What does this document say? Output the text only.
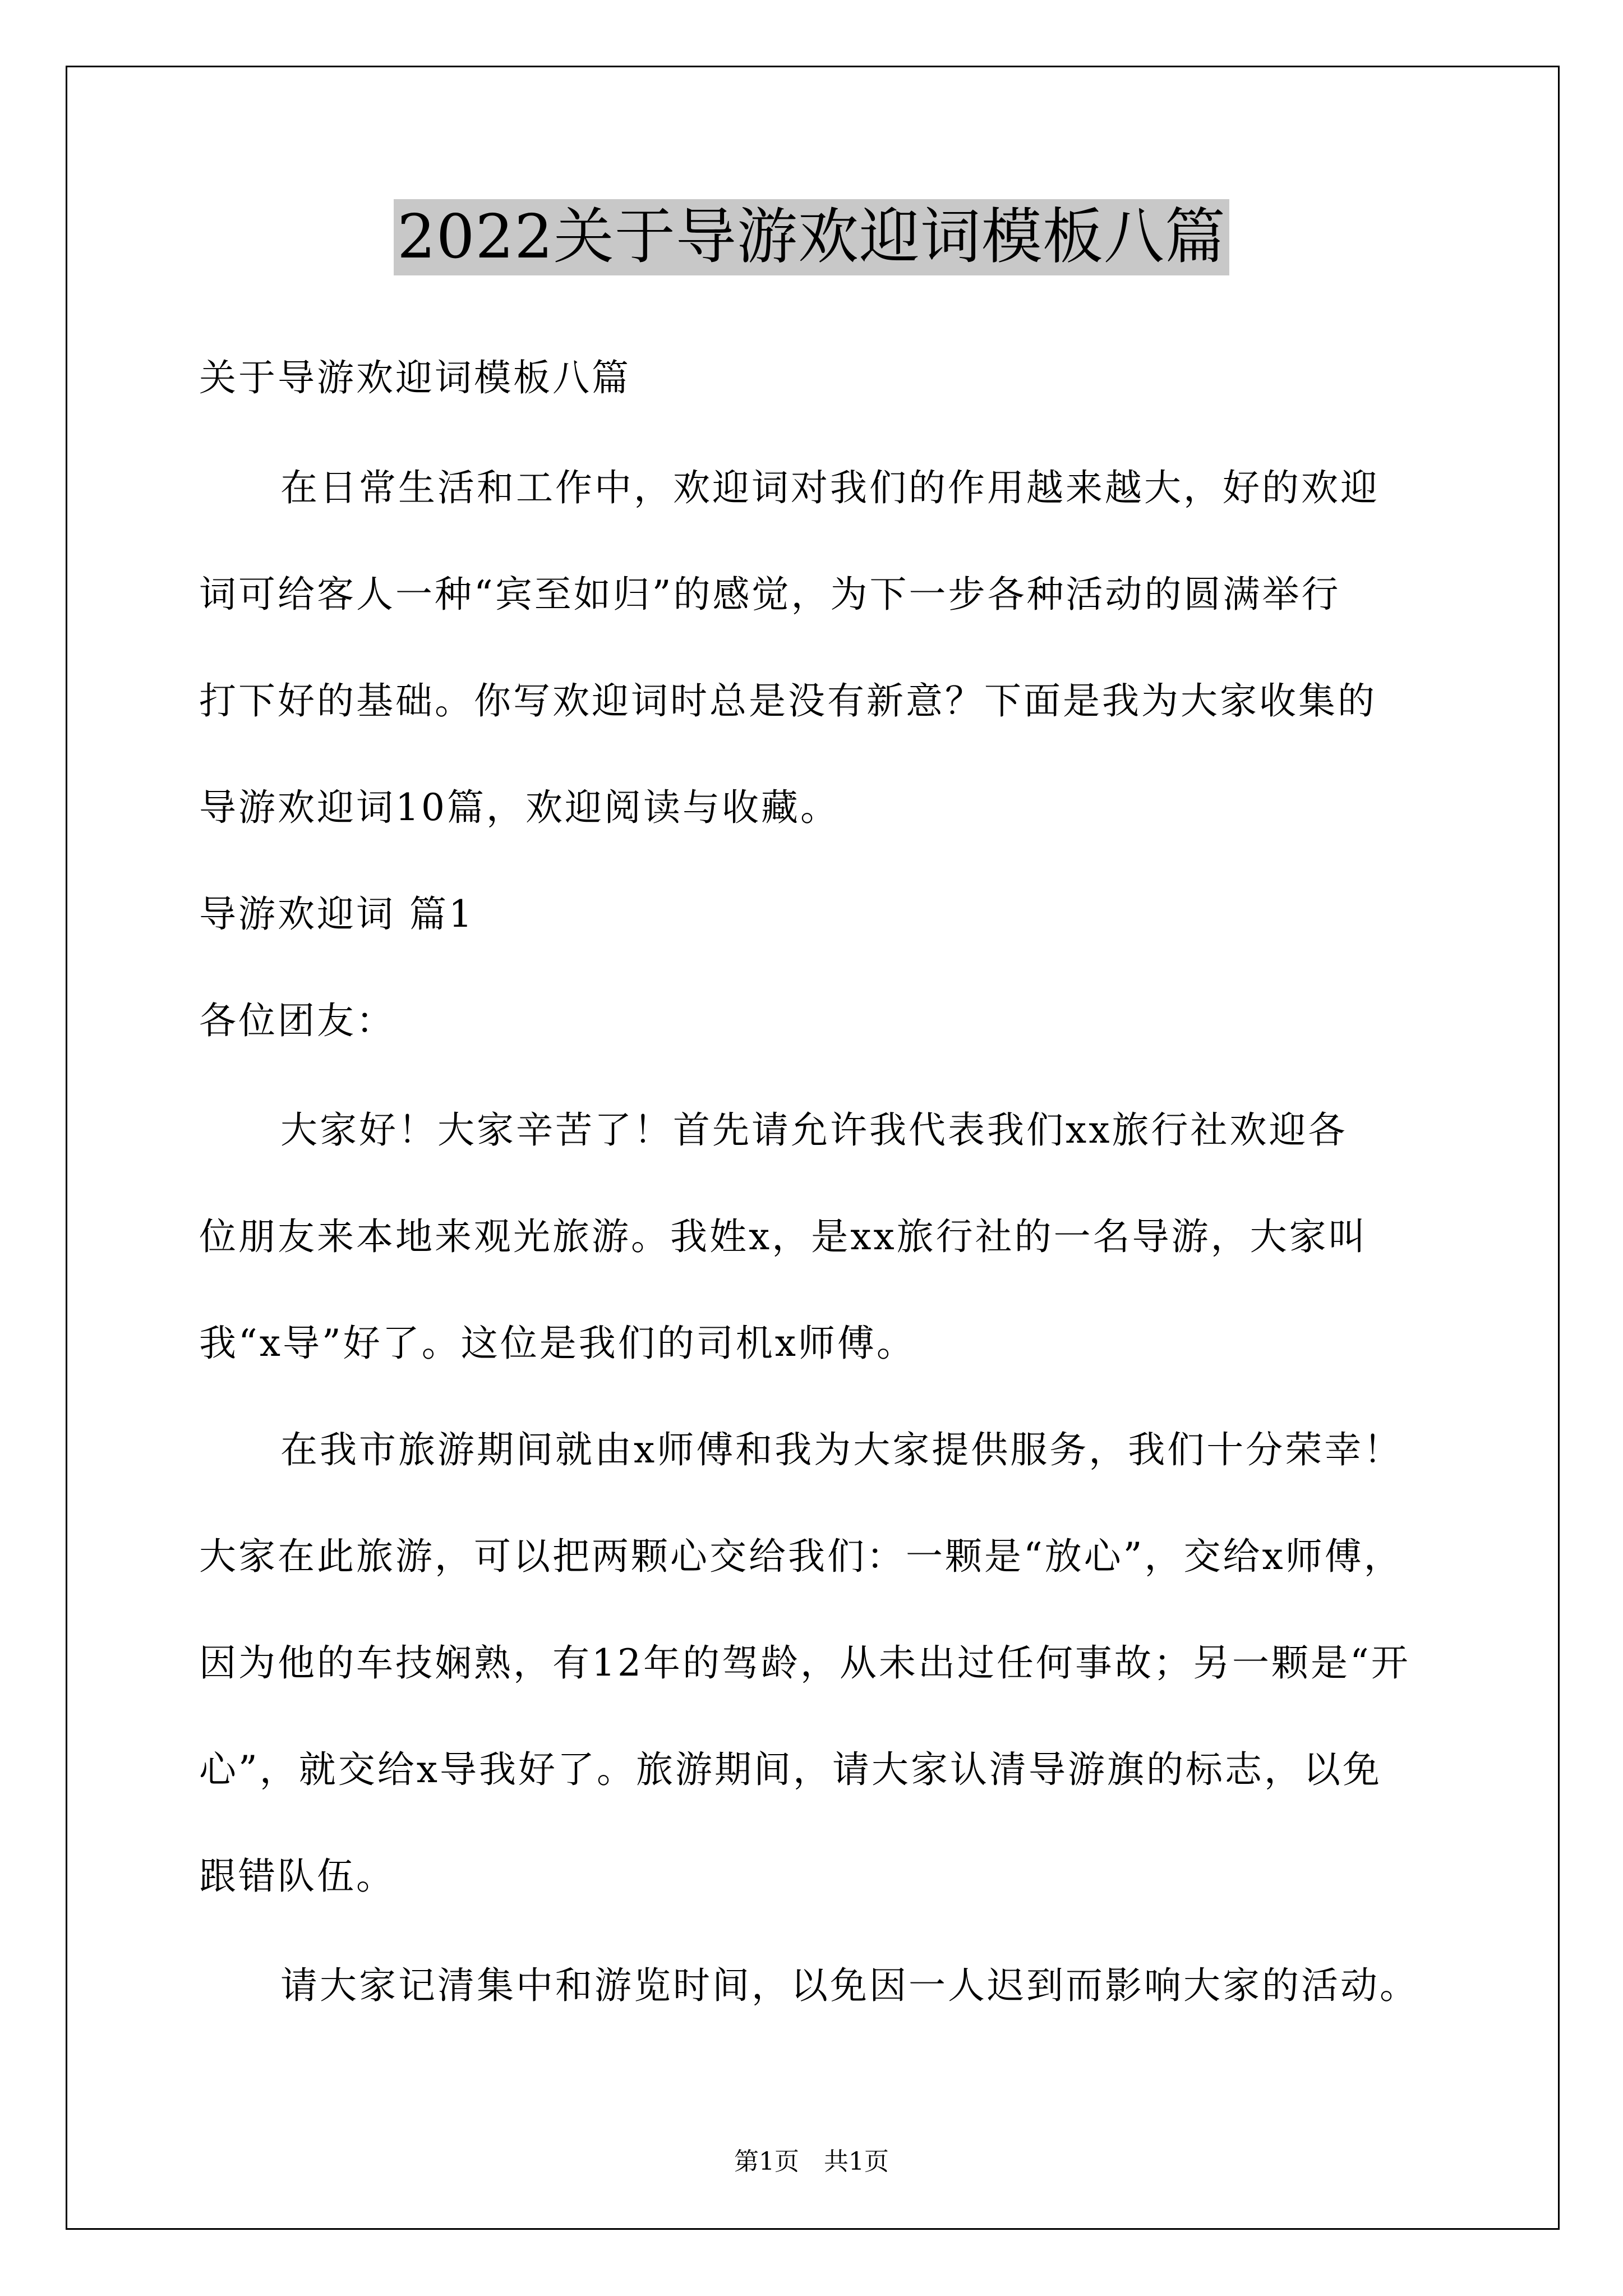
2022关于导游欢迎词模板八篇
关于导游欢迎词模板八篇
在日常生活和工作中，欢迎词对我们的作用越来越大，好的欢迎
词可给客人一种“宾至如归”的感觉，为下一步各种活动的圆满举行
打下好的基础。你写欢迎词时总是没有新意？下面是我为大家收集的
导游欢迎词10篇，欢迎阅读与收藏。
导游欢迎词 篇1
各位团友：
大家好！大家辛苦了！首先请允许我代表我们xx旅行社欢迎各
位朋友来本地来观光旅游。我姓x，是xx旅行社的一名导游，大家叫
我“x导”好了。这位是我们的司机x师傅。
在我市旅游期间就由x师傅和我为大家提供服务，我们十分荣幸！
大家在此旅游，可以把两颗心交给我们：一颗是“放心”，交给x师傅，
因为他的车技娴熟，有12年的驾龄，从未出过任何事故；另一颗是“开
心”，就交给x导我好了。旅游期间，请大家认清导游旗的标志，以免
跟错队伍。
请大家记清集中和游览时间，以免因一人迟到而影响大家的活动。
第1页　共1页
